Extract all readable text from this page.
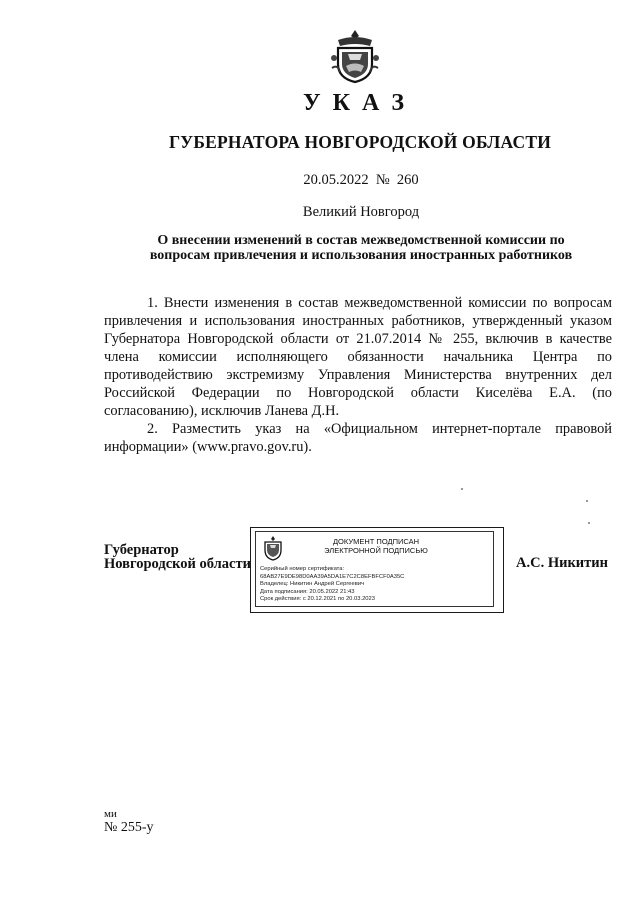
У К А З
ГУБЕРНАТОРА НОВГОРОДСКОЙ ОБЛАСТИ
20.05.2022 № 260
Великий Новгород
О внесении изменений в состав межведомственной комиссии по
вопросам привлечения и использования иностранных работников

1. Внести изменения в состав межведомственной комиссии по вопросам привлечения и использования иностранных работников, утвержденный указом Губернатора Новгородской области от 21.07.2014 № 255, включив в качестве члена комиссии исполняющего обязанности начальника Центра по противодействию экстремизму Управления Министерства внутренних дел Российской Федерации по Новгородской области Киселёва Е.А. (по согласованию), исключив Ланева Д.Н.

2. Разместить указ на «Официальном интернет-портале правовой информации» (www.pravo.gov.ru).

Губернатор
Новгородской области
ДОКУМЕНТ ПОДПИСАН
ЭЛЕКТРОННОЙ ПОДПИСЬЮ
Серийный номер сертификата:
68AB27E9DE98D0AA39A5DA1E7C2C8EFBFCF0A35C
Владелец: Никитин Андрей Сергеевич
Дата подписания: 20.05.2022 21:43
Срок действия: с 20.12.2021 по 20.03.2023
А.С. Никитин
ми
№ 255-у
